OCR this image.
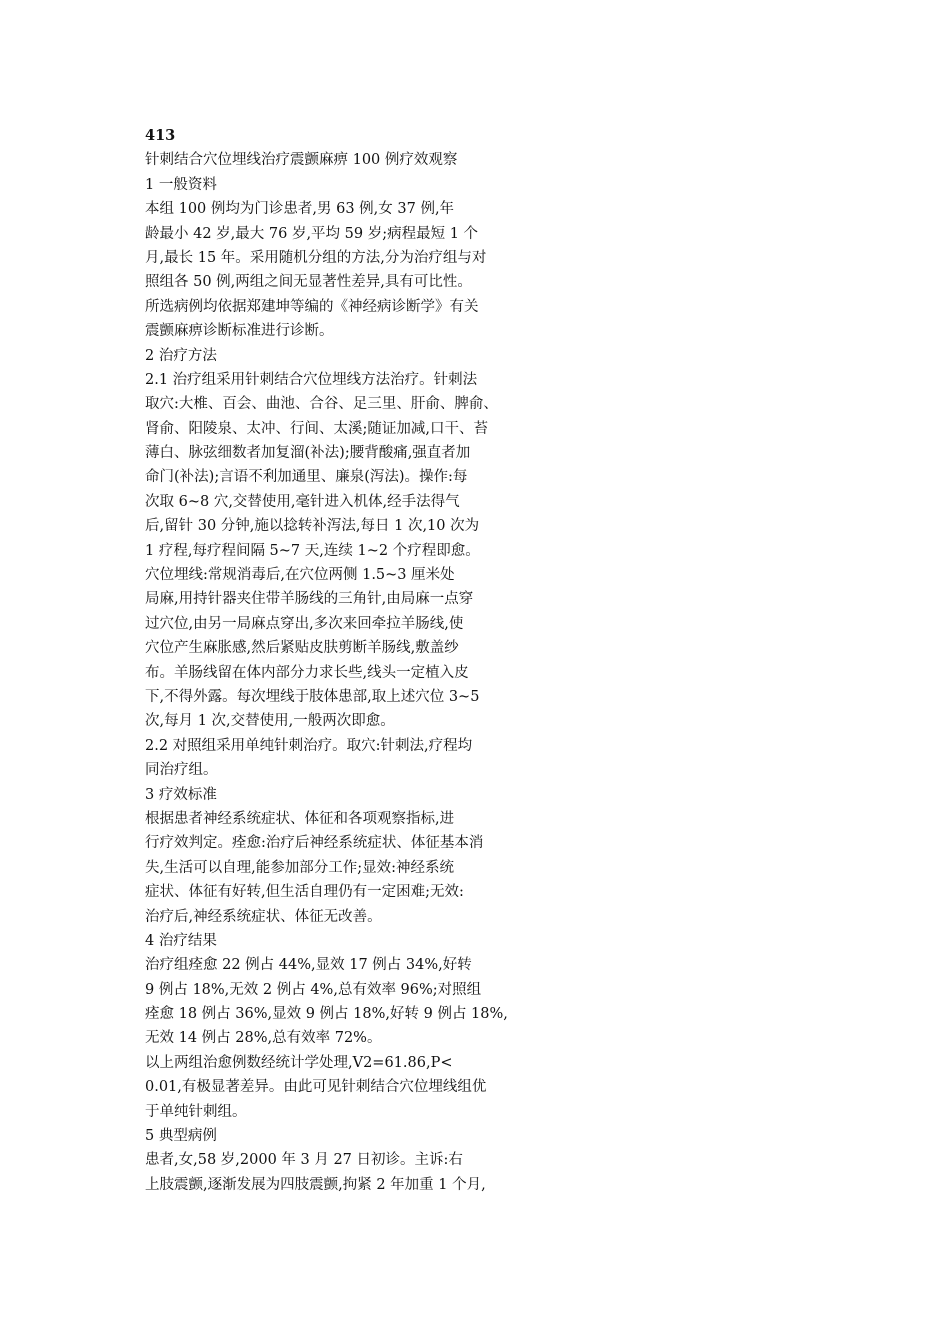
413
针刺结合穴位埋线治疗震颤麻痹 100 例疗效观察
1 一般资料
本组 100 例均为门诊患者,男 63 例,女 37 例,年
龄最小 42 岁,最大 76 岁,平均 59 岁;病程最短 1 个
月,最长 15 年。采用随机分组的方法,分为治疗组与对
照组各 50 例,两组之间无显著性差异,具有可比性。
所选病例均依据郑建坤等编的《神经病诊断学》有关
震颤麻痹诊断标准进行诊断。
2 治疗方法
2.1 治疗组采用针刺结合穴位埋线方法治疗。针刺法
取穴:大椎、百会、曲池、合谷、足三里、肝俞、脾俞、
肾俞、阳陵泉、太冲、行间、太溪;随证加减,口干、苔
薄白、脉弦细数者加复溜(补法);腰背酸痛,强直者加
命门(补法);言语不利加通里、廉泉(泻法)。操作:每
次取 6~8 穴,交替使用,毫针进入机体,经手法得气
后,留针 30 分钟,施以捻转补泻法,每日 1 次,10 次为
1 疗程,每疗程间隔 5~7 天,连续 1~2 个疗程即愈。
穴位埋线:常规消毒后,在穴位两侧 1.5~3 厘米处
局麻,用持针器夹住带羊肠线的三角针,由局麻一点穿
过穴位,由另一局麻点穿出,多次来回牵拉羊肠线,使
穴位产生麻胀感,然后紧贴皮肤剪断羊肠线,敷盖纱
布。羊肠线留在体内部分力求长些,线头一定植入皮
下,不得外露。每次埋线于肢体患部,取上述穴位 3~5
次,每月 1 次,交替使用,一般两次即愈。
2.2 对照组采用单纯针刺治疗。取穴:针刺法,疗程均
同治疗组。
3 疗效标准
根据患者神经系统症状、体征和各项观察指标,进
行疗效判定。痊愈:治疗后神经系统症状、体征基本消
失,生活可以自理,能参加部分工作;显效:神经系统
症状、体征有好转,但生活自理仍有一定困难;无效:
治疗后,神经系统症状、体征无改善。
4 治疗结果
治疗组痊愈 22 例占 44%,显效 17 例占 34%,好转
9 例占 18%,无效 2 例占 4%,总有效率 96%;对照组
痊愈 18 例占 36%,显效 9 例占 18%,好转 9 例占 18%,
无效 14 例占 28%,总有效率 72%。
以上两组治愈例数经统计学处理,V2=61.86,P<
0.01,有极显著差异。由此可见针刺结合穴位埋线组优
于单纯针刺组。
5 典型病例
患者,女,58 岁,2000 年 3 月 27 日初诊。主诉:右
上肢震颤,逐渐发展为四肢震颤,拘紧 2 年加重 1 个月,
